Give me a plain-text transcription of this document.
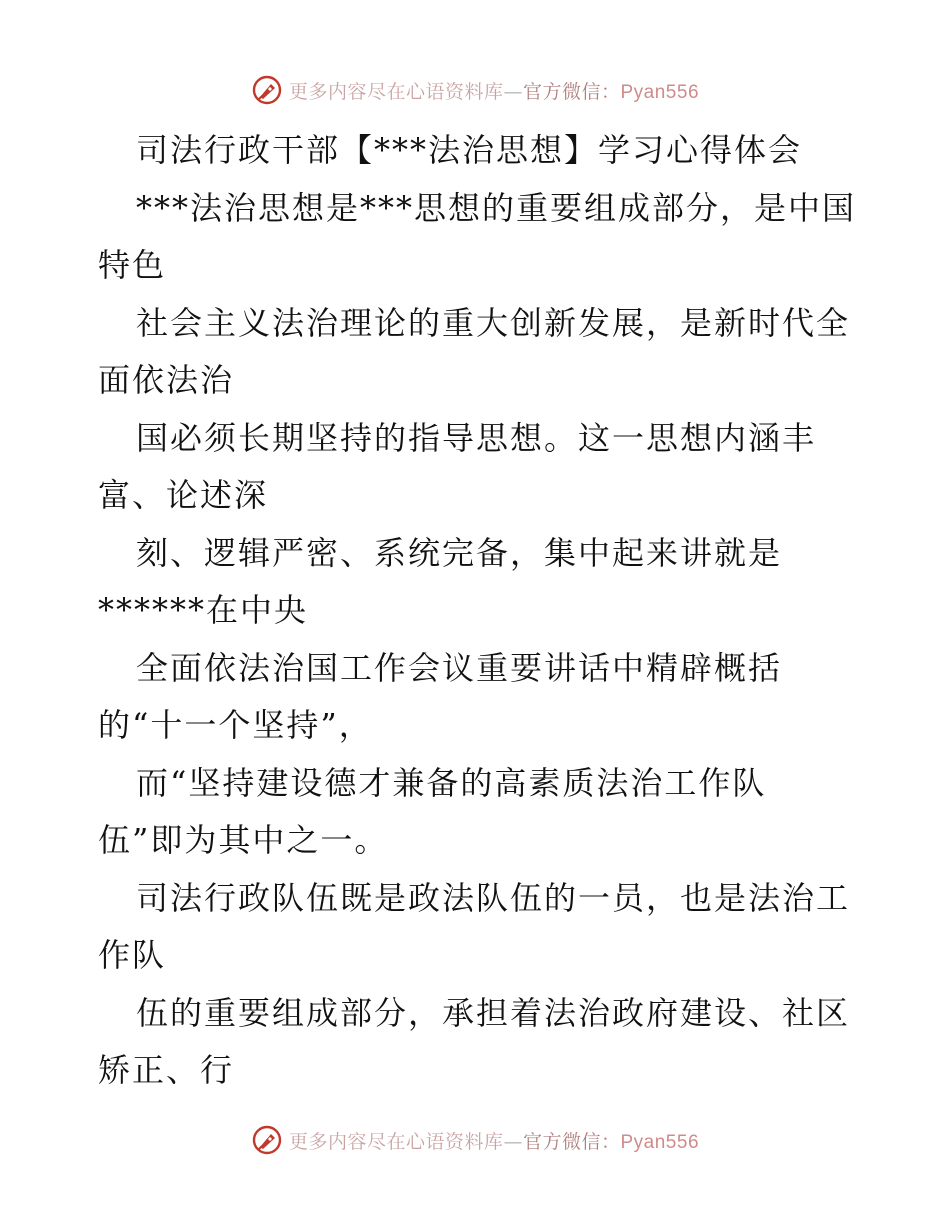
更多内容尽在心语资料库—官方微信：Pyan556
司法行政干部【***法治思想】学习心得体会
***法治思想是***思想的重要组成部分，是中国
特色
社会主义法治理论的重大创新发展，是新时代全
面依法治
国必须长期坚持的指导思想。这一思想内涵丰
富、论述深
刻、逻辑严密、系统完备，集中起来讲就是
******在中央
全面依法治国工作会议重要讲话中精辟概括
的“十一个坚持”，
而“坚持建设德才兼备的高素质法治工作队
伍”即为其中之一。
司法行政队伍既是政法队伍的一员，也是法治工
作队
伍的重要组成部分，承担着法治政府建设、社区
矫正、行
更多内容尽在心语资料库—官方微信：Pyan556
